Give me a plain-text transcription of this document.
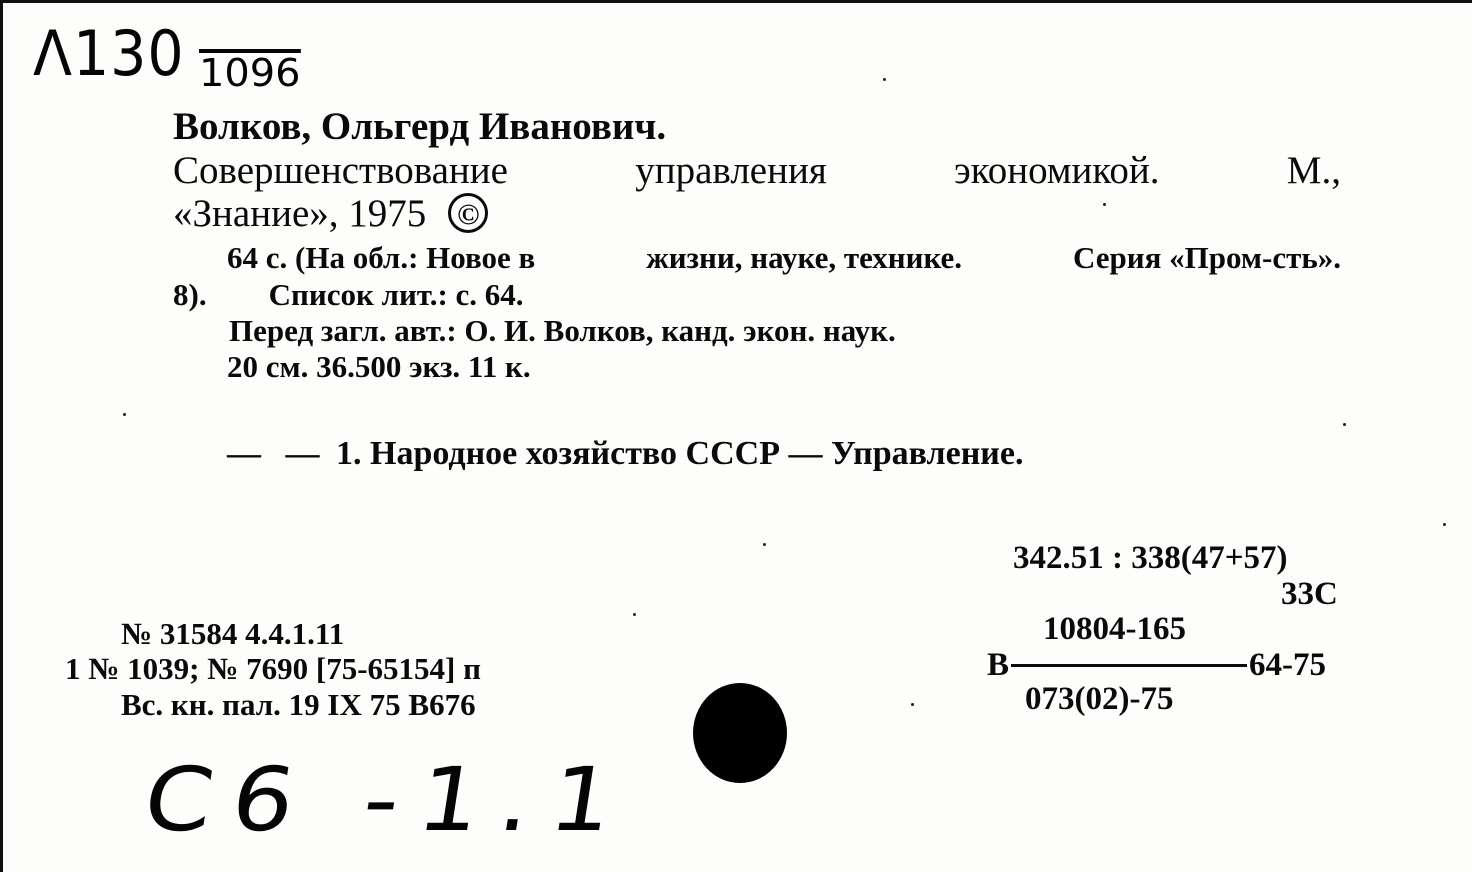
Λ130 1096
Волков, Ольгерд Иванович.
Совершенствование	управления	экономикой.	М.,
«Знание», 1975 ©
64 с. (На обл.: Новое в	жизни, науке, технике.	Серия «Пром-сть».
8). Список лит.: с. 64.
Перед загл. авт.: О. И. Волков, канд. экон. наук.
20 см. 36.500 экз. 11 к.
— — 1. Народное хозяйство СССР — Управление.
342.51 : 338(47+57)
33С
10804-165
В	64-75
073(02)-75
№ 31584 4.4.1.11
1 № 1039; № 7690 [75-65154] п
Вс. кн. пал. 19 IX 75 В676
С6 -1.1
